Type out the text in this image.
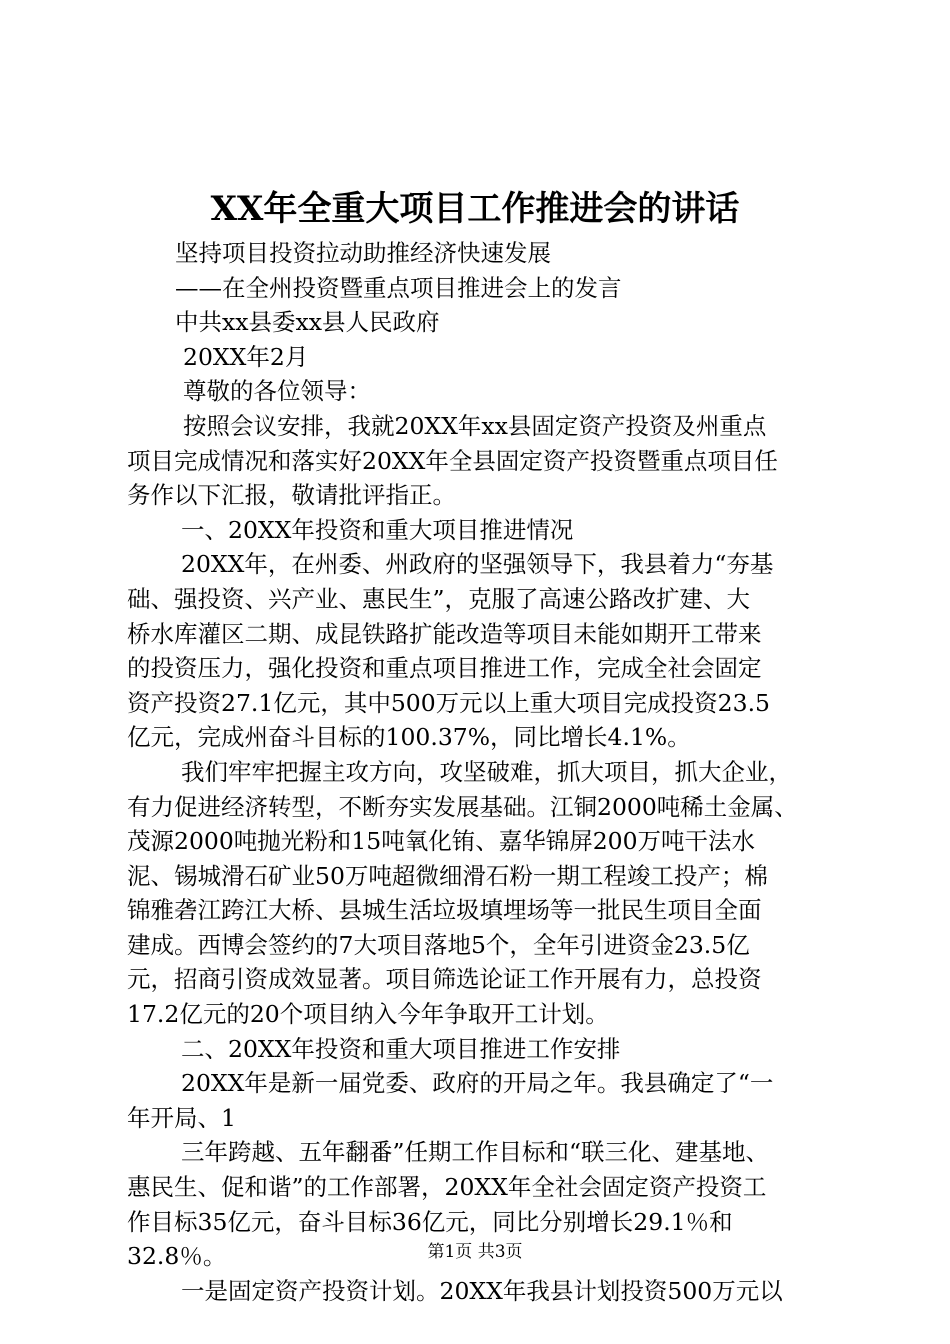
XX年全重大项目工作推进会的讲话
坚持项目投资拉动助推经济快速发展
——在全州投资暨重点项目推进会上的发言
中共xx县委xx县人民政府
20XX年2月
尊敬的各位领导：
按照会议安排，我就20XX年xx县固定资产投资及州重点
项目完成情况和落实好20XX年全县固定资产投资暨重点项目任
务作以下汇报，敬请批评指正。
一、20XX年投资和重大项目推进情况
20XX年，在州委、州政府的坚强领导下，我县着力“夯基
础、强投资、兴产业、惠民生”，克服了高速公路改扩建、大
桥水库灌区二期、成昆铁路扩能改造等项目未能如期开工带来
的投资压力，强化投资和重点项目推进工作，完成全社会固定
资产投资27.1亿元，其中500万元以上重大项目完成投资23.5
亿元，完成州奋斗目标的100.37%，同比增长4.1%。
我们牢牢把握主攻方向，攻坚破难，抓大项目，抓大企业，
有力促进经济转型，不断夯实发展基础。江铜2000吨稀土金属、
茂源2000吨抛光粉和15吨氧化铕、嘉华锦屏200万吨干法水
泥、锡城滑石矿业50万吨超微细滑石粉一期工程竣工投产；棉
锦雅砻江跨江大桥、县城生活垃圾填埋场等一批民生项目全面
建成。西博会签约的7大项目落地5个，全年引进资金23.5亿
元，招商引资成效显著。项目筛选论证工作开展有力，总投资
17.2亿元的20个项目纳入今年争取开工计划。
二、20XX年投资和重大项目推进工作安排
20XX年是新一届党委、政府的开局之年。我县确定了“一
年开局、1
三年跨越、五年翻番”任期工作目标和“联三化、建基地、
惠民生、促和谐”的工作部署，20XX年全社会固定资产投资工
作目标35亿元，奋斗目标36亿元，同比分别增长29.1％和
32.8％。
一是固定资产投资计划。20XX年我县计划投资500万元以
第1页 共3页
